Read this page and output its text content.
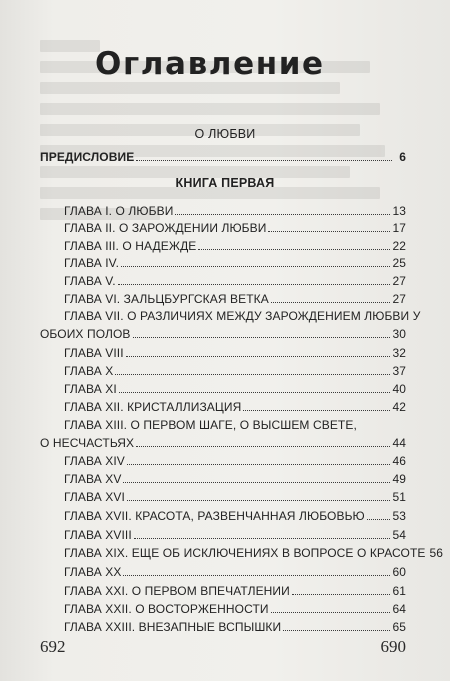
Оглавление

О ЛЮБВИ

ПРЕДИСЛОВИЕ	6

КНИГА ПЕРВАЯ

ГЛАВА I. О ЛЮБВИ	13
ГЛАВА II. О ЗАРОЖДЕНИИ ЛЮБВИ	17
ГЛАВА III. О НАДЕЖДЕ	22
ГЛАВА IV.	25
ГЛАВА V.	27
ГЛАВА VI. ЗАЛЬЦБУРГСКАЯ ВЕТКА	27
ГЛАВА VII. О РАЗЛИЧИЯХ МЕЖДУ ЗАРОЖДЕНИЕМ ЛЮБВИ У
ОБОИХ ПОЛОВ	30
ГЛАВА VIII	32
ГЛАВА X	37
ГЛАВА XI	40
ГЛАВА XII. КРИСТАЛЛИЗАЦИЯ	42
ГЛАВА XIII. О ПЕРВОМ ШАГЕ, О ВЫСШЕМ СВЕТЕ,
О НЕСЧАСТЬЯХ	44
ГЛАВА XIV	46
ГЛАВА XV	49
ГЛАВА XVI	51
ГЛАВА XVII. КРАСОТА, РАЗВЕНЧАННАЯ ЛЮБОВЬЮ 53
ГЛАВА XVIII	54
ГЛАВА XIX. ЕЩЕ ОБ ИСКЛЮЧЕНИЯХ В ВОПРОСЕ О КРАСОТЕ 56
ГЛАВА XX	60
ГЛАВА XXI. О ПЕРВОМ ВПЕЧАТЛЕНИИ	61
ГЛАВА XXII. О ВОСТОРЖЕННОСТИ	64
ГЛАВА XXIII. ВНЕЗАПНЫЕ ВСПЫШКИ	65

692	690
